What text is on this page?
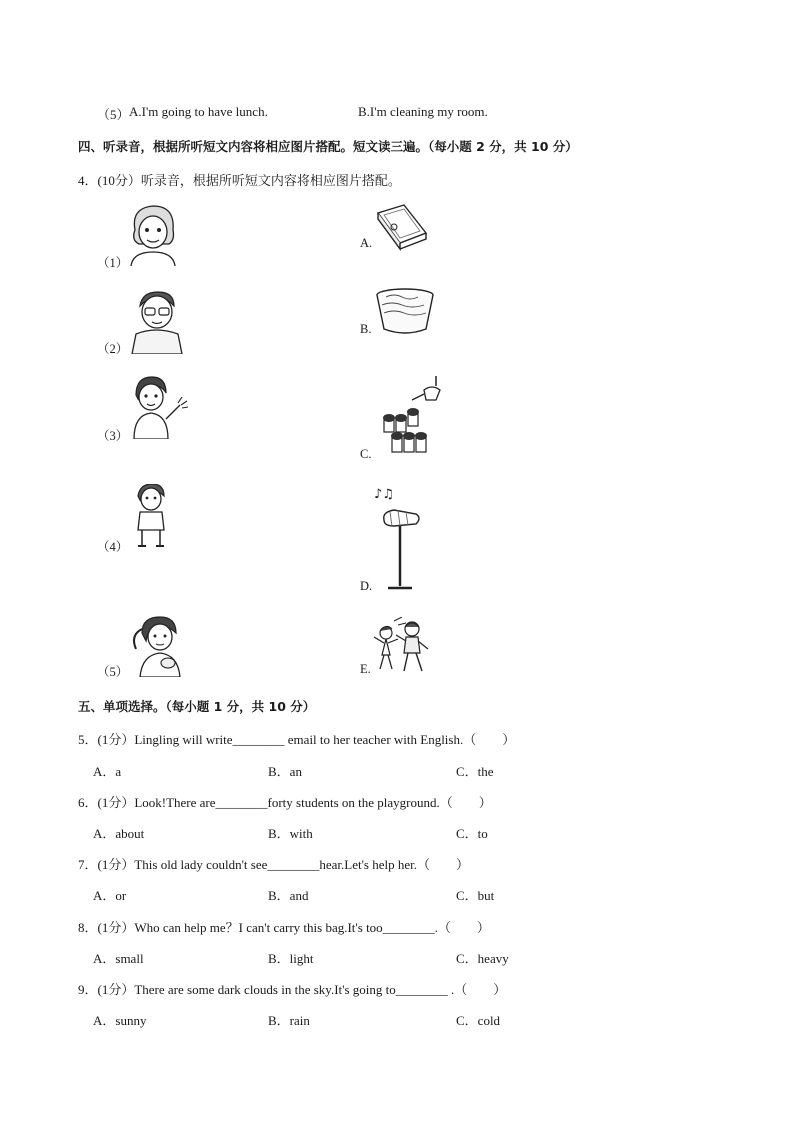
（5） A.I'm going to have lunch.	B.I'm cleaning my room.
四、听录音，根据所听短文内容将相应图片搭配。短文读三遍。（每小题 2 分，共 10 分）
4．(10分）听录音，根据所听短文内容将相应图片搭配。
（1）
（2）
（3）
（4）
（5）
A.
B.
C.
D.
♪♫
E.
五、单项选择。（每小题 1 分，共 10 分）
5．(1分）Lingling will write________ email to her teacher with English.（　　）
A．a	B．an	C．the
6．(1分）Look!There are________forty students on the playground.（　　）
A．about	B．with	C．to
7．(1分）This old lady couldn't see________hear.Let's help her.（　　）
A．or	B．and	C．but
8．(1分）Who can help me？I can't carry this bag.It's too________.（　　）
A．small	B．light	C．heavy
9．(1分）There are some dark clouds in the sky.It's going to________ .（　　）
A．sunny	B．rain	C．cold
